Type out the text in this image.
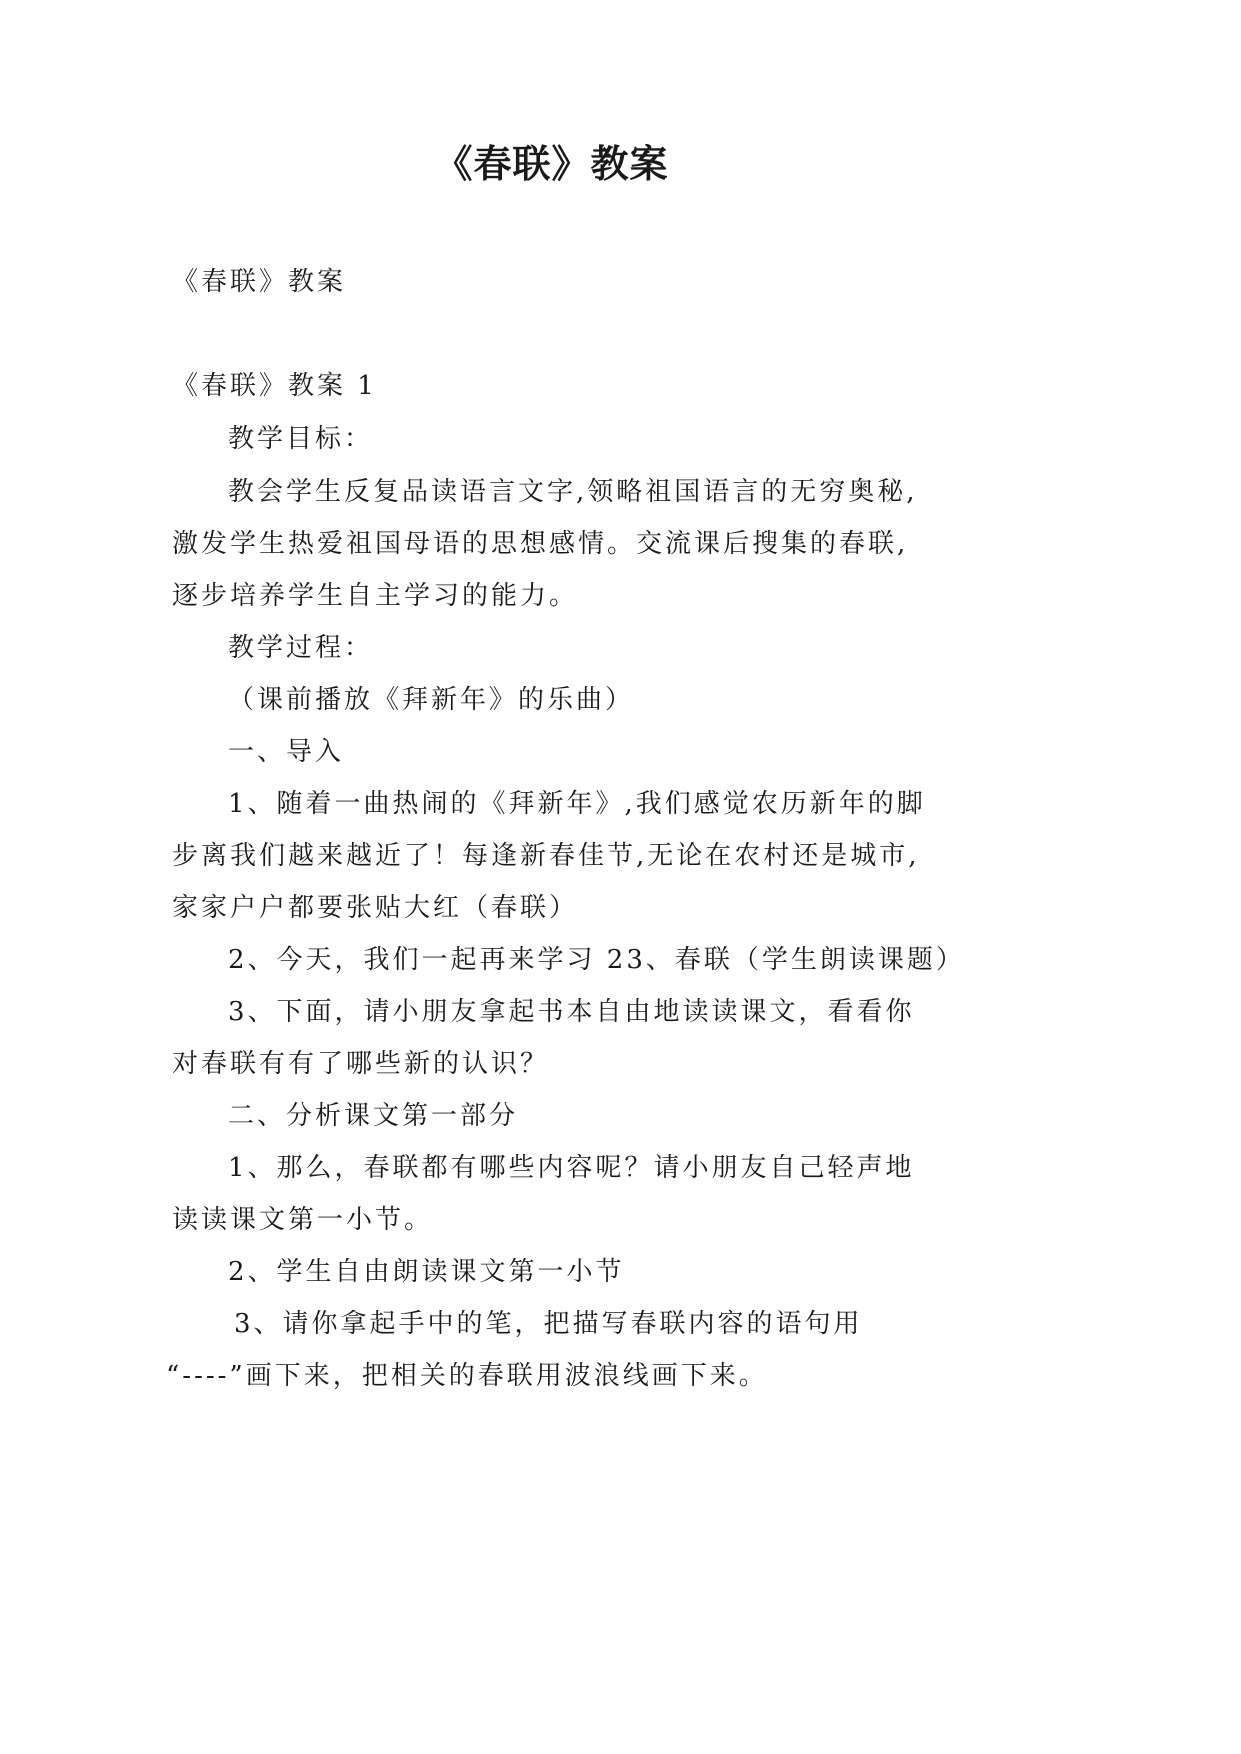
《春联》教案
《春联》教案
《春联》教案 1
教学目标：
教会学生反复品读语言文字,领略祖国语言的无穷奥秘,
激发学生热爱祖国母语的思想感情。交流课后搜集的春联,
逐步培养学生自主学习的能力。
教学过程：
（课前播放《拜新年》的乐曲）
一、导入
1、随着一曲热闹的《拜新年》,我们感觉农历新年的脚
步离我们越来越近了！每逢新春佳节,无论在农村还是城市,
家家户户都要张贴大红（春联）
2、今天，我们一起再来学习 23、春联（学生朗读课题）
3、下面，请小朋友拿起书本自由地读读课文，看看你
对春联有有了哪些新的认识？
二、分析课文第一部分
1、那么，春联都有哪些内容呢？请小朋友自己轻声地
读读课文第一小节。
2、学生自由朗读课文第一小节
3、请你拿起手中的笔，把描写春联内容的语句用
“----”画下来，把相关的春联用波浪线画下来。
